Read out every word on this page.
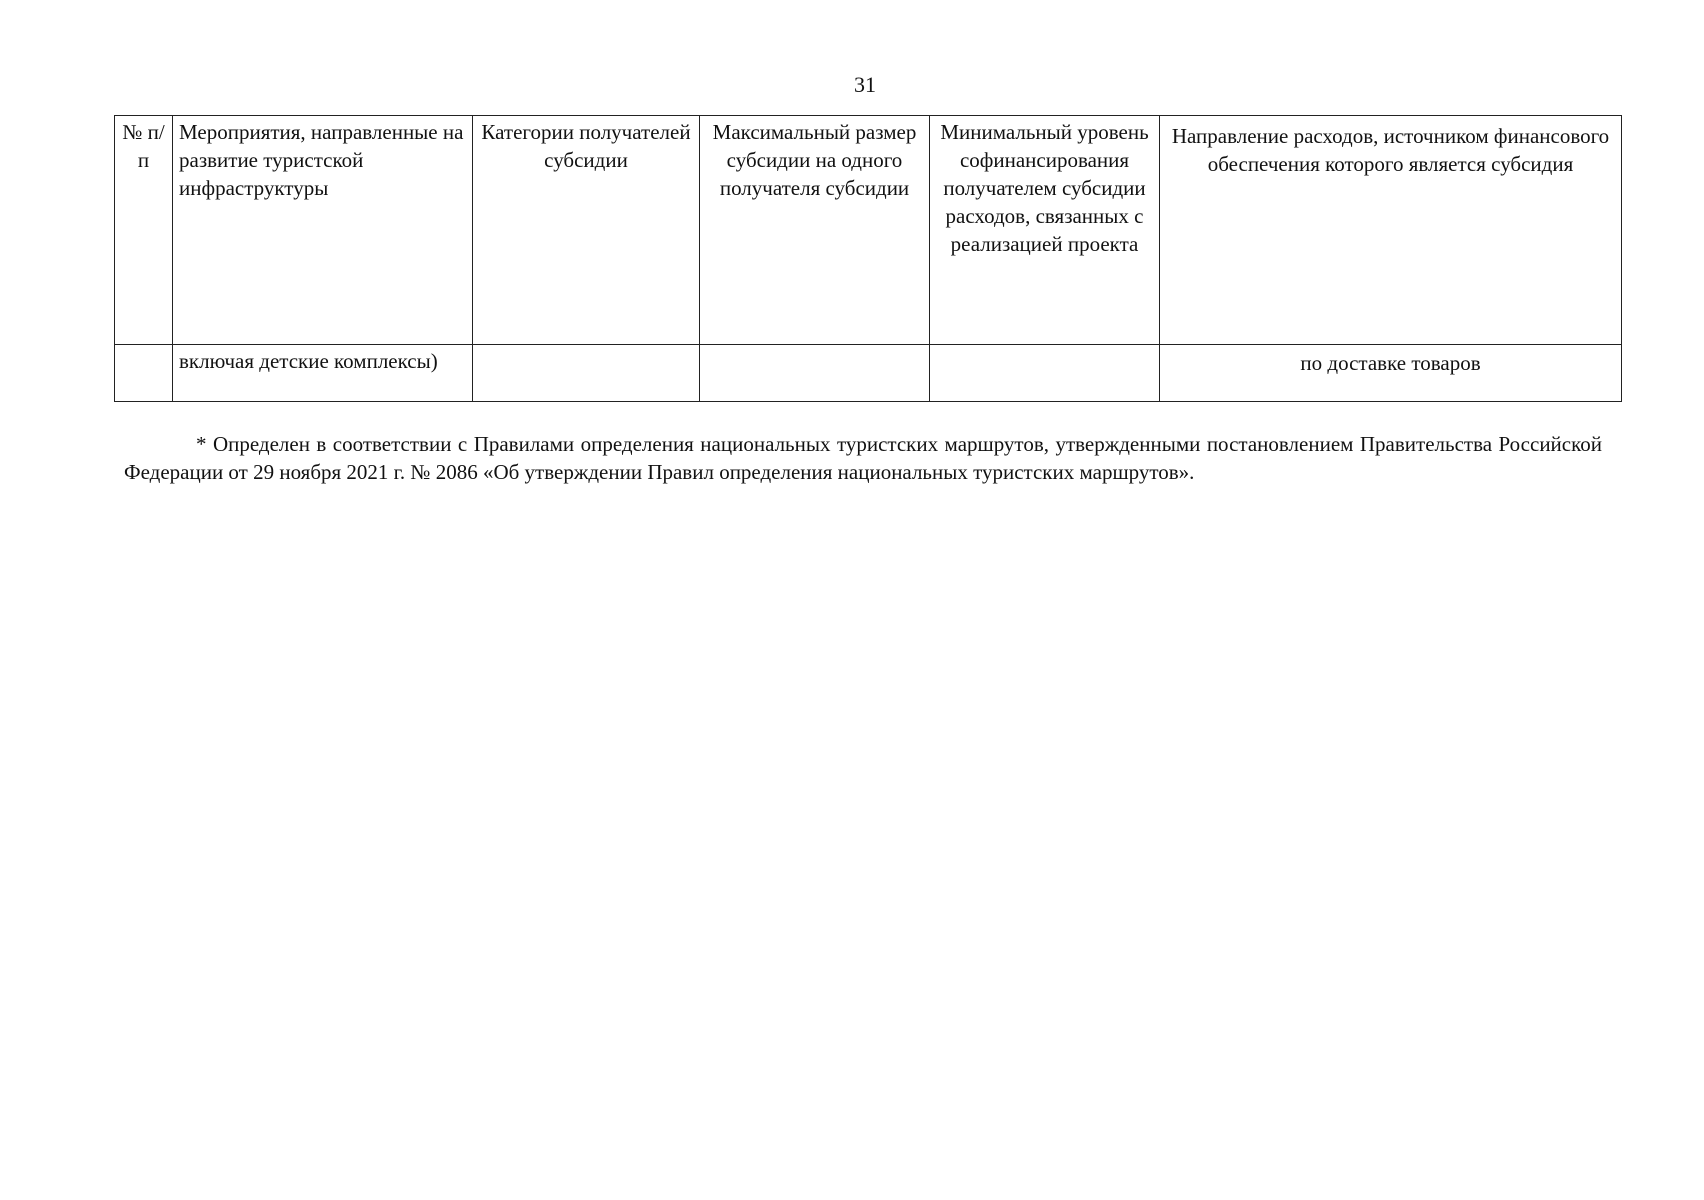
31
№ п/п	Мероприятия, направленные на развитие туристской инфраструктуры	Категории получателей субсидии	Максимальный размер субсидии на одного получателя субсидии	Минимальный уровень софинансирования получателем субсидии расходов, связанных с реализацией проекта	Направление расходов, источником финансового обеспечения которого является субсидия
	включая детские комплексы)				по доставке товаров
* Определен в соответствии с Правилами определения национальных туристских маршрутов, утвержденными постановлением Правительства Российской Федерации от 29 ноября 2021 г. № 2086 «Об утверждении Правил определения национальных туристских маршрутов».
